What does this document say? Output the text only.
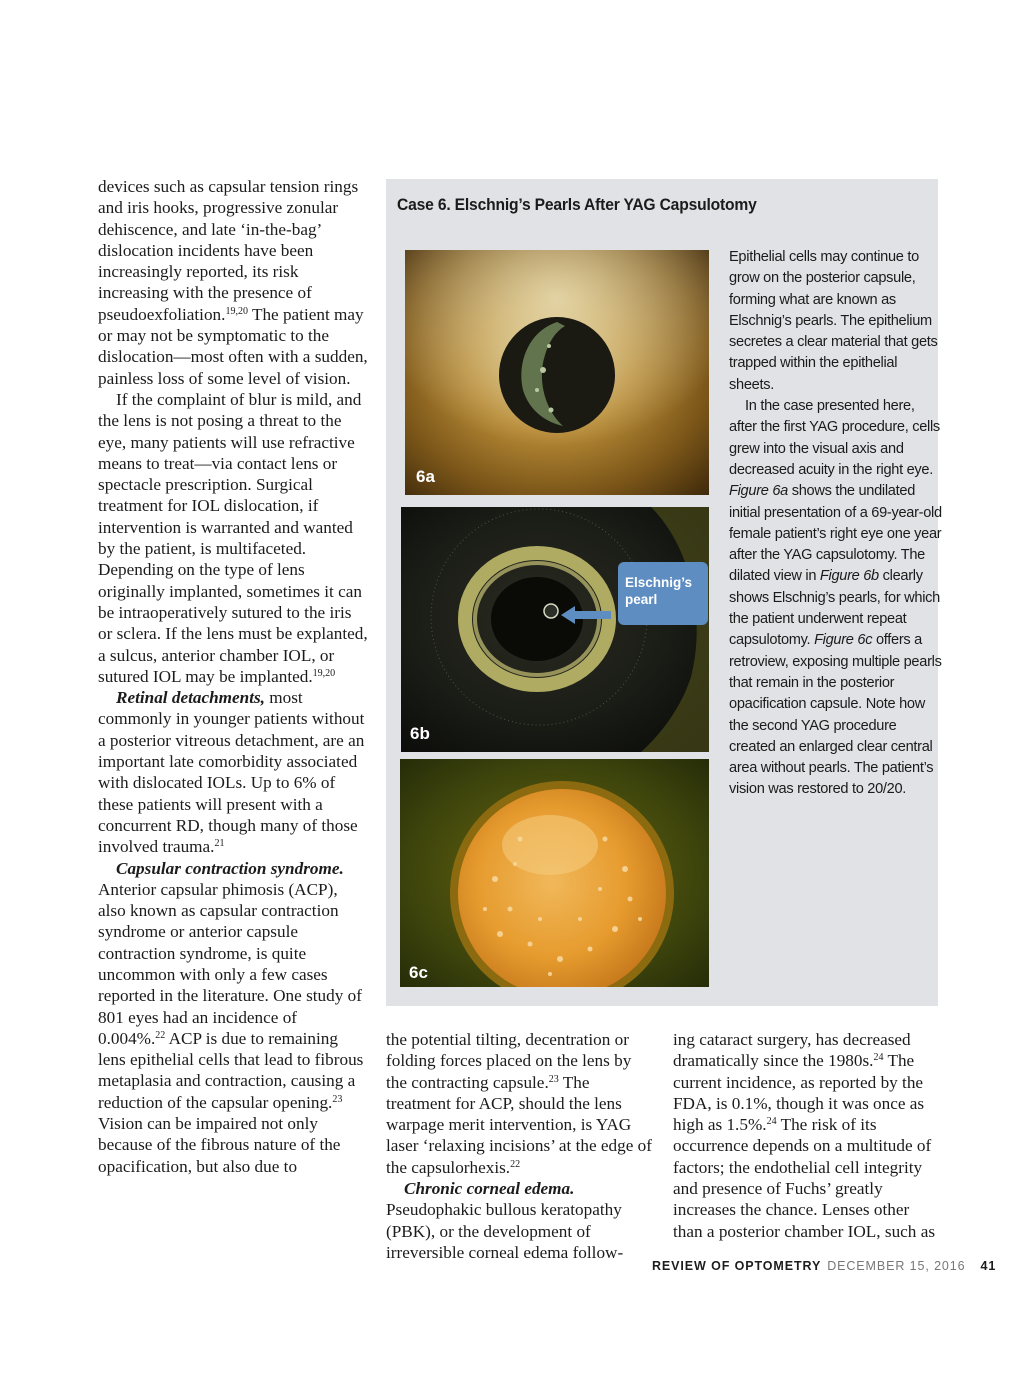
devices such as capsular tension rings and iris hooks, progressive zonular dehiscence, and late ‘in-the-bag’ dislocation incidents have been increasingly reported, its risk increasing with the presence of pseudoexfoliation.$^{19,20}$ The patient may or may not be symptomatic to the dislocation—most often with a sudden, painless loss of some level of vision.

If the complaint of blur is mild, and the lens is not posing a threat to the eye, many patients will use refractive means to treat—via contact lens or spectacle prescription. Surgical treatment for IOL dislocation, if intervention is warranted and wanted by the patient, is multifaceted. Depending on the type of lens originally implanted, sometimes it can be intraoperatively sutured to the iris or sclera. If the lens must be explanted, a sulcus, anterior chamber IOL, or sutured IOL may be implanted.$^{19,20}$

Retinal detachments, most commonly in younger patients without a posterior vitreous detachment, are an important late comorbidity associated with dislocated IOLs. Up to 6% of these patients will present with a concurrent RD, though many of those involved trauma.$^{21}$

Capsular contraction syndrome. Anterior capsular phimosis (ACP), also known as capsular contraction syndrome or anterior capsule contraction syndrome, is quite uncommon with only a few cases reported in the literature. One study of 801 eyes had an incidence of 0.004%.$^{22}$ ACP is due to remaining lens epithelial cells that lead to fibrous metaplasia and contraction, causing a reduction of the capsular opening.$^{23}$ Vision can be impaired not only because of the fibrous nature of the opacification, but also due to

Case 6. Elschnig’s Pearls After YAG Capsulotomy
6a
Elschnig’s pearl
6b
6c

Epithelial cells may continue to grow on the posterior capsule, forming what are known as Elschnig’s pearls. The epithelium secretes a clear material that gets trapped within the epithelial sheets.

In the case presented here, after the first YAG procedure, cells grew into the visual axis and decreased acuity in the right eye. Figure 6a shows the undilated initial presentation of a 69-year-old female patient’s right eye one year after the YAG capsulotomy. The dilated view in Figure 6b clearly shows Elschnig’s pearls, for which the patient underwent repeat capsulotomy. Figure 6c offers a retroview, exposing multiple pearls that remain in the posterior opacification capsule. Note how the second YAG procedure created an enlarged clear central area without pearls. The patient’s vision was restored to 20/20.

the potential tilting, decentration or folding forces placed on the lens by the contracting capsule.$^{23}$ The treatment for ACP, should the lens warpage merit intervention, is YAG laser ‘relaxing incisions’ at the edge of the capsulorhexis.$^{22}$

Chronic corneal edema. Pseudophakic bullous keratopathy (PBK), or the development of irreversible corneal edema follow-

ing cataract surgery, has decreased dramatically since the 1980s.$^{24}$ The current incidence, as reported by the FDA, is 0.1%, though it was once as high as 1.5%.$^{24}$ The risk of its occurrence depends on a multitude of factors; the endothelial cell integrity and presence of Fuchs’ greatly increases the chance. Lenses other than a posterior chamber IOL, such as

REVIEW OF OPTOMETRY DECEMBER 15, 2016 41
